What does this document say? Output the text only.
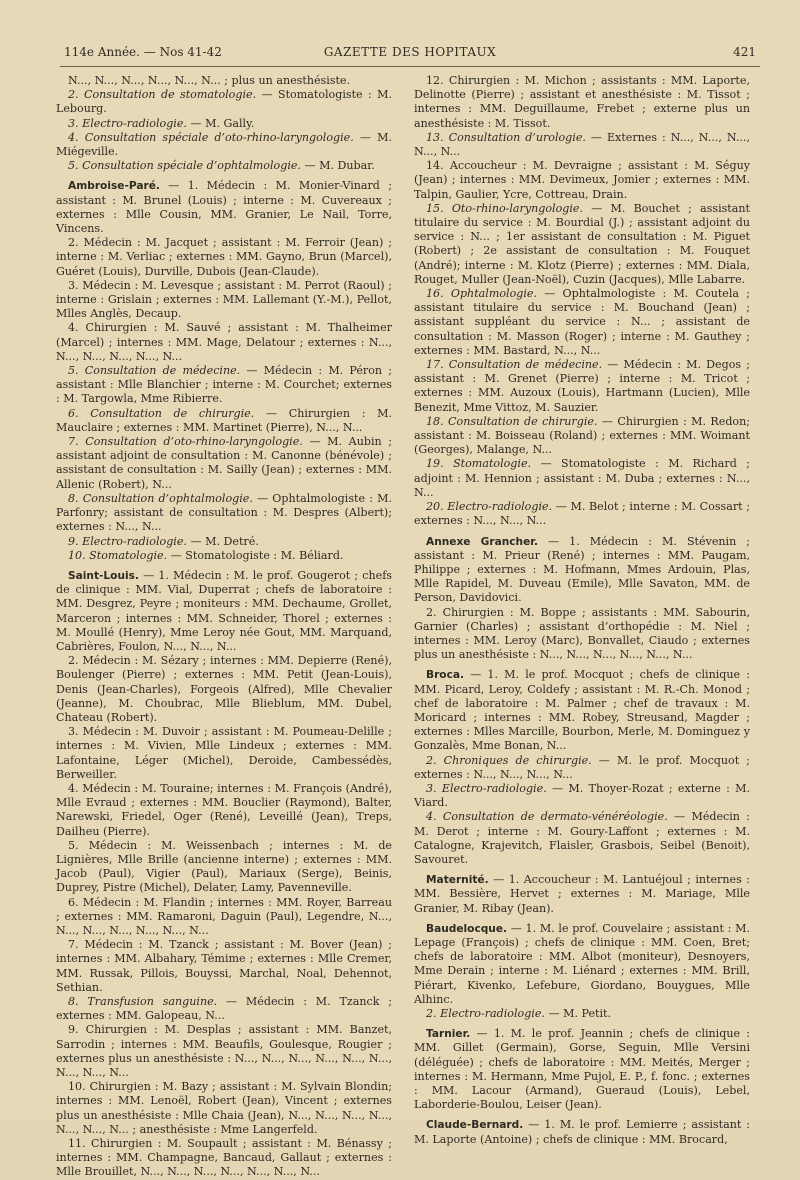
114e Année. — Nos 41-42	GAZETTE DES HOPITAUX	421

N..., N..., N..., N..., N..., N... ; plus un anesthésiste.

2. Consultation de stomatologie. — Stomatologiste : M. Lebourg.

3. Electro-radiologie. — M. Gally.

4. Consultation spéciale d’oto-rhino-laryngologie. — M. Miégeville.

5. Consultation spéciale d’ophtalmologie. — M. Dubar.

Ambroise-Paré. — 1. Médecin : M. Monier-Vinard ; assistant : M. Brunel (Louis) ; interne : M. Cuvereaux ; externes : Mlle Cousin, MM. Granier, Le Nail, Torre, Vincens.

2. Médecin : M. Jacquet ; assistant : M. Ferroir (Jean) ; interne : M. Verliac ; externes : MM. Gayno, Brun (Marcel), Guéret (Louis), Durville, Dubois (Jean-Claude).

3. Médecin : M. Levesque ; assistant : M. Perrot (Raoul) ; interne : Grislain ; externes : MM. Lallemant (Y.-M.), Pellot, Mlles Anglès, Decaup.

4. Chirurgien : M. Sauvé ; assistant : M. Thalheimer (Marcel) ; internes : MM. Mage, Delatour ; externes : N..., N..., N..., N..., N..., N...

5. Consultation de médecine. — Médecin : M. Péron ; assistant : Mlle Blanchier ; interne : M. Courchet; externes : M. Targowla, Mme Ribierre.

6. Consultation de chirurgie. — Chirurgien : M. Mauclaire ; externes : MM. Martinet (Pierre), N..., N...

7. Consultation d’oto-rhino-laryngologie. — M. Aubin ; assistant adjoint de consultation : M. Canonne (bénévole) ; assistant de consultation : M. Sailly (Jean) ; externes : MM. Allenic (Robert), N...

8. Consultation d’ophtalmologie. — Ophtalmologiste : M. Parfonry; assistant de consultation : M. Despres (Albert); externes : N..., N...

9. Electro-radiologie. — M. Detré.

10. Stomatologie. — Stomatologiste : M. Béliard.

Saint-Louis. — 1. Médecin : M. le prof. Gougerot ; chefs de clinique : MM. Vial, Duperrat ; chefs de laboratoire : MM. Desgrez, Peyre ; moniteurs : MM. Dechaume, Grollet, Marceron ; internes : MM. Schneider, Thorel ; externes : M. Moullé (Henry), Mme Leroy née Gout, MM. Marquand, Cabrières, Foulon, N..., N..., N...

2. Médecin : M. Sézary ; internes : MM. Depierre (René), Boulenger (Pierre) ; externes : MM. Petit (Jean-Louis), Denis (Jean-Charles), Forgeois (Alfred), Mlle Chevalier (Jeanne), M. Choubrac, Mlle Blieblum, MM. Dubel, Chateau (Robert).

3. Médecin : M. Duvoir ; assistant : M. Poumeau-Delille ; internes : M. Vivien, Mlle Lindeux ; externes : MM. Lafontaine, Léger (Michel), Deroide, Cambessédès, Berweiller.

4. Médecin : M. Touraine; internes : M. François (André), Mlle Evraud ; externes : MM. Bouclier (Raymond), Balter, Narewski, Friedel, Oger (René), Leveillé (Jean), Treps, Dailheu (Pierre).

5. Médecin : M. Weissenbach ; internes : M. de Lignières, Mlle Brille (ancienne interne) ; externes : MM. Jacob (Paul), Vigier (Paul), Mariaux (Serge), Beinis, Duprey, Pistre (Michel), Delater, Lamy, Pavenneville.

6. Médecin : M. Flandin ; internes : MM. Royer, Barreau ; externes : MM. Ramaroni, Daguin (Paul), Legendre, N..., N..., N..., N..., N..., N..., N...

7. Médecin : M. Tzanck ; assistant : M. Bover (Jean) ; internes : MM. Albahary, Témime ; externes : Mlle Cremer, MM. Russak, Pillois, Bouyssi, Marchal, Noal, Dehennot, Sethian.

8. Transfusion sanguine. — Médecin : M. Tzanck ; externes : MM. Galopeau, N...

9. Chirurgien : M. Desplas ; assistant : MM. Banzet, Sarrodin ; internes : MM. Beaufils, Goulesque, Rougier ; externes plus un anesthésiste : N..., N..., N..., N..., N..., N..., N..., N..., N...

10. Chirurgien : M. Bazy ; assistant : M. Sylvain Blondin; internes : MM. Lenoël, Robert (Jean), Vincent ; externes plus un anesthésiste : Mlle Chaia (Jean), N..., N..., N..., N..., N..., N..., N... ; anesthésiste : Mme Langerfeld.

11. Chirurgien : M. Soupault ; assistant : M. Bénassy ; internes : MM. Champagne, Bancaud, Gallaut ; externes : Mlle Brouillet, N..., N..., N..., N..., N..., N..., N...

12. Chirurgien : M. Michon ; assistants : MM. Laporte, Delinotte (Pierre) ; assistant et anesthésiste : M. Tissot ; internes : MM. Deguillaume, Frebet ; externe plus un anesthésiste : M. Tissot.

13. Consultation d’urologie. — Externes : N..., N..., N..., N..., N...

14. Accoucheur : M. Devraigne ; assistant : M. Séguy (Jean) ; internes : MM. Devimeux, Jomier ; externes : MM. Talpin, Gaulier, Ycre, Cottreau, Drain.

15. Oto-rhino-laryngologie. — M. Bouchet ; assistant titulaire du service : M. Bourdial (J.) ; assistant adjoint du service : N... ; 1er assistant de consultation : M. Piguet (Robert) ; 2e assistant de consultation : M. Fouquet (André); interne : M. Klotz (Pierre) ; externes : MM. Diala, Rouget, Muller (Jean-Noël), Cuzin (Jacques), Mlle Labarre.

16. Ophtalmologie. — Ophtalmologiste : M. Coutela ; assistant titulaire du service : M. Bouchand (Jean) ; assistant suppléant du service : N... ; assistant de consultation : M. Masson (Roger) ; interne : M. Gauthey ; externes : MM. Bastard, N..., N...

17. Consultation de médecine. — Médecin : M. Degos ; assistant : M. Grenet (Pierre) ; interne : M. Tricot ; externes : MM. Auzoux (Louis), Hartmann (Lucien), Mlle Benezit, Mme Vittoz, M. Sauzier.

18. Consultation de chirurgie. — Chirurgien : M. Redon; assistant : M. Boisseau (Roland) ; externes : MM. Woimant (Georges), Malange, N...

19. Stomatologie. — Stomatologiste : M. Richard ; adjoint : M. Hennion ; assistant : M. Duba ; externes : N..., N...

20. Electro-radiologie. — M. Belot ; interne : M. Cossart ; externes : N..., N..., N...

Annexe Grancher. — 1. Médecin : M. Stévenin ; assistant : M. Prieur (René) ; internes : MM. Paugam, Philippe ; externes : M. Hofmann, Mmes Ardouin, Plas, Mlle Rapidel, M. Duveau (Emile), Mlle Savaton, MM. de Person, Davidovici.

2. Chirurgien : M. Boppe ; assistants : MM. Sabourin, Garnier (Charles) ; assistant d’orthopédie : M. Niel ; internes : MM. Leroy (Marc), Bonvallet, Ciaudo ; externes plus un anesthésiste : N..., N..., N..., N..., N..., N...

Broca. — 1. M. le prof. Mocquot ; chefs de clinique : MM. Picard, Leroy, Coldefy ; assistant : M. R.-Ch. Monod ; chef de laboratoire : M. Palmer ; chef de travaux : M. Moricard ; internes : MM. Robey, Streusand, Magder ; externes : Mlles Marcille, Bourbon, Merle, M. Dominguez y Gonzalès, Mme Bonan, N...

2. Chroniques de chirurgie. — M. le prof. Mocquot ; externes : N..., N..., N..., N...

3. Electro-radiologie. — M. Thoyer-Rozat ; externe : M. Viard.

4. Consultation de dermato-vénéréologie. — Médecin : M. Derot ; interne : M. Goury-Laffont ; externes : M. Catalogne, Krajevitch, Flaisler, Grasbois, Seibel (Benoit), Savouret.

Maternité. — 1. Accoucheur : M. Lantuéjoul ; internes : MM. Bessière, Hervet ; externes : M. Mariage, Mlle Granier, M. Ribay (Jean).

Baudelocque. — 1. M. le prof. Couvelaire ; assistant : M. Lepage (François) ; chefs de clinique : MM. Coen, Bret; chefs de laboratoire : MM. Albot (moniteur), Desnoyers, Mme Derain ; interne : M. Liénard ; externes : MM. Brill, Piérart, Kivenko, Lefebure, Giordano, Bouygues, Mlle Alhinc.

2. Electro-radiologie. — M. Petit.

Tarnier. — 1. M. le prof. Jeannin ; chefs de clinique : MM. Gillet (Germain), Gorse, Seguin, Mlle Versini (déléguée) ; chefs de laboratoire : MM. Meités, Merger ; internes : M. Hermann, Mme Pujol, E. P., f. fonc. ; externes : MM. Lacour (Armand), Gueraud (Louis), Lebel, Laborderie-Boulou, Leiser (Jean).

Claude-Bernard. — 1. M. le prof. Lemierre ; assistant : M. Laporte (Antoine) ; chefs de clinique : MM. Brocard,
